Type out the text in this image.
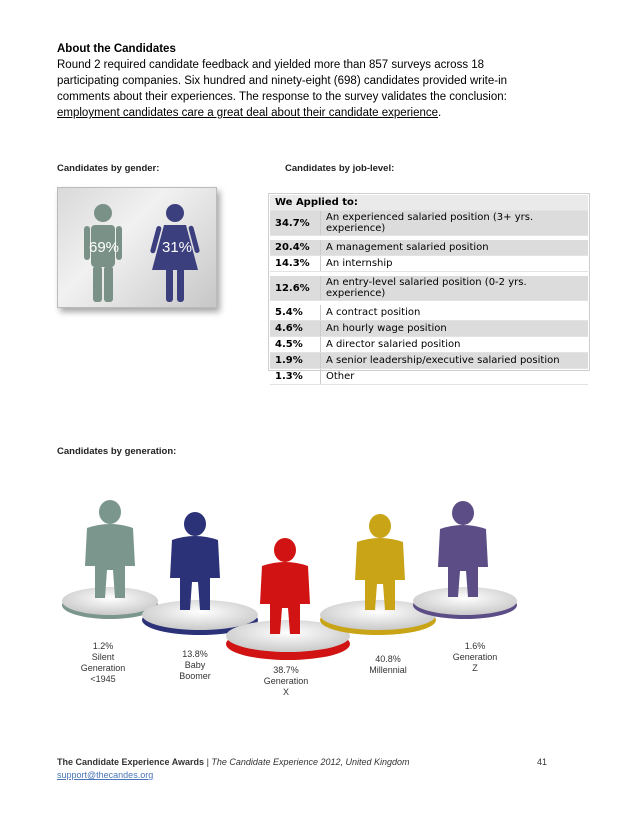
About the Candidates
Round 2 required candidate feedback and yielded more than 857 surveys across 18
participating companies. Six hundred and ninety-eight (698) candidates provided write-in
comments about their experiences. The response to the survey validates the conclusion:
employment candidates care a great deal about their candidate experience.
Candidates by gender:	Candidates by job-level:
69%	31%
We Applied to:	
34.7%	An experienced salaried position (3+ yrs. experience)

20.4%	A management salaried position
14.3%	An internship

12.6%	An entry-level salaried position (0-2 yrs. experience)

5.4%	A contract position
4.6%	An hourly wage position
4.5%	A director salaried position
1.9%	A senior leadership/executive salaried position
1.3%	Other
Candidates by generation:
1.2%
Silent
Generation
<1945
13.8%
Baby
Boomer
38.7%
Generation
X
40.8%
Millennial
1.6%
Generation
Z
The Candidate Experience Awards | The Candidate Experience 2012, United Kingdom	41
support@thecandes.org
